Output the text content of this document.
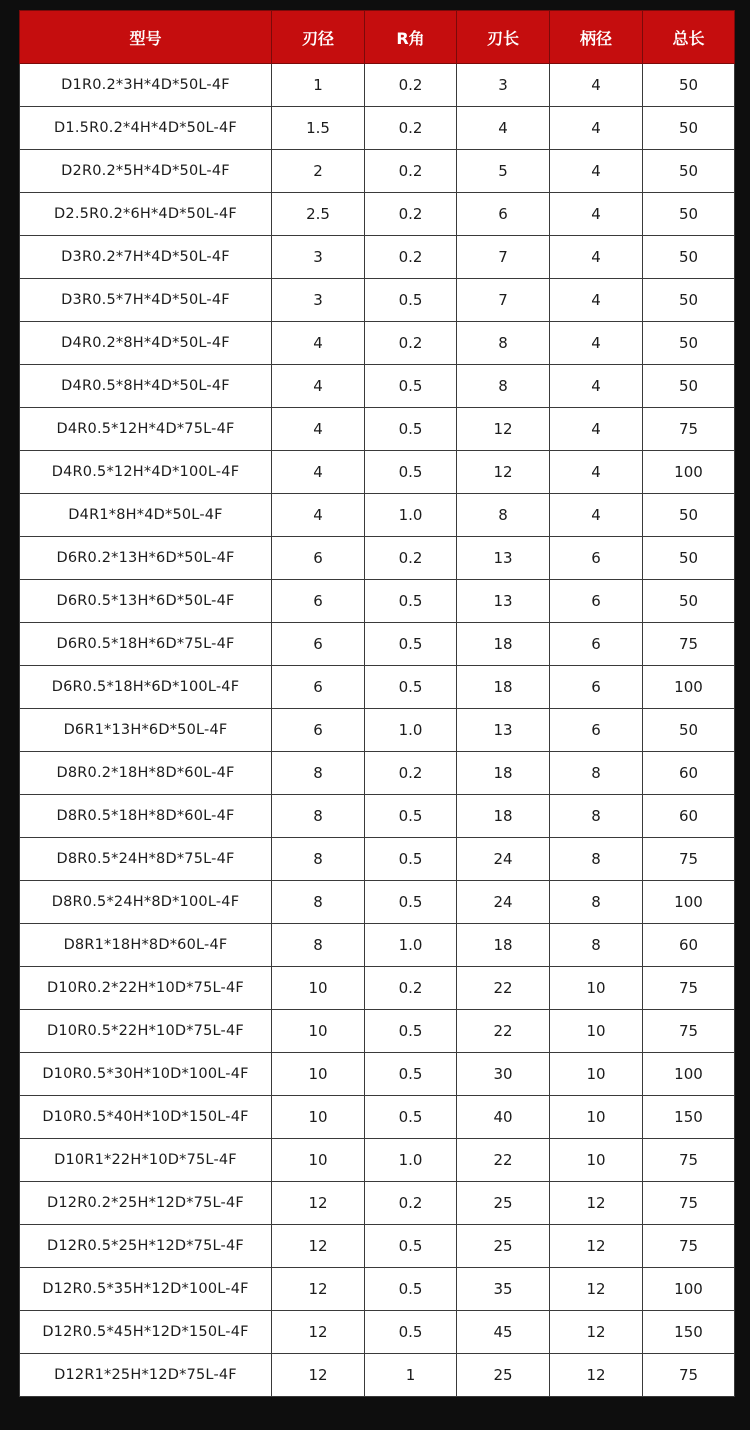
型号	刃径	R角	刃长	柄径	总长
D1R0.2*3H*4D*50L-4F	1	0.2	3	4	50
D1.5R0.2*4H*4D*50L-4F	1.5	0.2	4	4	50
D2R0.2*5H*4D*50L-4F	2	0.2	5	4	50
D2.5R0.2*6H*4D*50L-4F	2.5	0.2	6	4	50
D3R0.2*7H*4D*50L-4F	3	0.2	7	4	50
D3R0.5*7H*4D*50L-4F	3	0.5	7	4	50
D4R0.2*8H*4D*50L-4F	4	0.2	8	4	50
D4R0.5*8H*4D*50L-4F	4	0.5	8	4	50
D4R0.5*12H*4D*75L-4F	4	0.5	12	4	75
D4R0.5*12H*4D*100L-4F	4	0.5	12	4	100
D4R1*8H*4D*50L-4F	4	1.0	8	4	50
D6R0.2*13H*6D*50L-4F	6	0.2	13	6	50
D6R0.5*13H*6D*50L-4F	6	0.5	13	6	50
D6R0.5*18H*6D*75L-4F	6	0.5	18	6	75
D6R0.5*18H*6D*100L-4F	6	0.5	18	6	100
D6R1*13H*6D*50L-4F	6	1.0	13	6	50
D8R0.2*18H*8D*60L-4F	8	0.2	18	8	60
D8R0.5*18H*8D*60L-4F	8	0.5	18	8	60
D8R0.5*24H*8D*75L-4F	8	0.5	24	8	75
D8R0.5*24H*8D*100L-4F	8	0.5	24	8	100
D8R1*18H*8D*60L-4F	8	1.0	18	8	60
D10R0.2*22H*10D*75L-4F	10	0.2	22	10	75
D10R0.5*22H*10D*75L-4F	10	0.5	22	10	75
D10R0.5*30H*10D*100L-4F	10	0.5	30	10	100
D10R0.5*40H*10D*150L-4F	10	0.5	40	10	150
D10R1*22H*10D*75L-4F	10	1.0	22	10	75
D12R0.2*25H*12D*75L-4F	12	0.2	25	12	75
D12R0.5*25H*12D*75L-4F	12	0.5	25	12	75
D12R0.5*35H*12D*100L-4F	12	0.5	35	12	100
D12R0.5*45H*12D*150L-4F	12	0.5	45	12	150
D12R1*25H*12D*75L-4F	12	1	25	12	75
